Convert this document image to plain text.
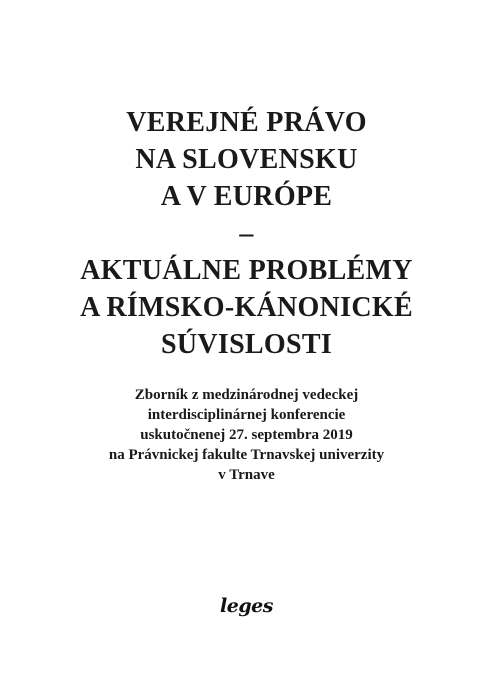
VEREJNÉ PRÁVO
NA SLOVENSKU
A V EURÓPE
–
AKTUÁLNE PROBLÉMY
A RÍMSKO-KÁNONICKÉ
SÚVISLOSTI
Zborník z medzinárodnej vedeckej
interdisciplinárnej konferencie
uskutočnenej 27. septembra 2019
na Právnickej fakulte Trnavskej univerzity
v Trnave
leges
